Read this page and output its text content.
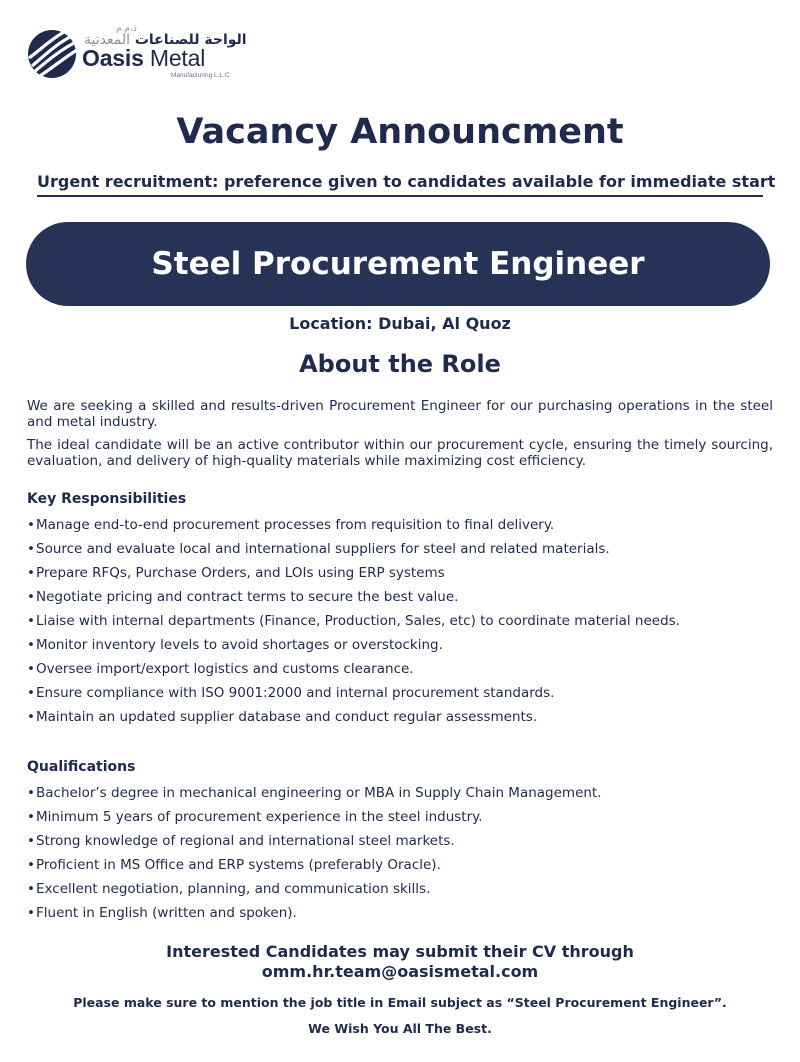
ذ.م.م
الواحة للصناعات المعدنية
Oasis Metal
Manufacturing L.L.C
Vacancy Announcment
Urgent recruitment: preference given to candidates available for immediate start
Steel Procurement Engineer
Location: Dubai, Al Quoz
About the Role

We are seeking a skilled and results-driven Procurement Engineer for our purchasing operations in the steel and metal industry.

The ideal candidate will be an active contributor within our procurement cycle, ensuring the timely sourcing, evaluation, and delivery of high-quality materials while maximizing cost efficiency.

Key Responsibilities
•Manage end-to-end procurement processes from requisition to final delivery.
•Source and evaluate local and international suppliers for steel and related materials.
•Prepare RFQs, Purchase Orders, and LOIs using ERP systems
•Negotiate pricing and contract terms to secure the best value.
•Liaise with internal departments (Finance, Production, Sales, etc) to coordinate material needs.
•Monitor inventory levels to avoid shortages or overstocking.
•Oversee import/export logistics and customs clearance.
•Ensure compliance with ISO 9001:2000 and internal procurement standards.
•Maintain an updated supplier database and conduct regular assessments.
Qualifications
•Bachelor’s degree in mechanical engineering or MBA in Supply Chain Management.
•Minimum 5 years of procurement experience in the steel industry.
•Strong knowledge of regional and international steel markets.
•Proficient in MS Office and ERP systems (preferably Oracle).
•Excellent negotiation, planning, and communication skills.
•Fluent in English (written and spoken).
Interested Candidates may submit their CV through
omm.hr.team@oasismetal.com
Please make sure to mention the job title in Email subject as “Steel Procurement Engineer”.
We Wish You All The Best.
